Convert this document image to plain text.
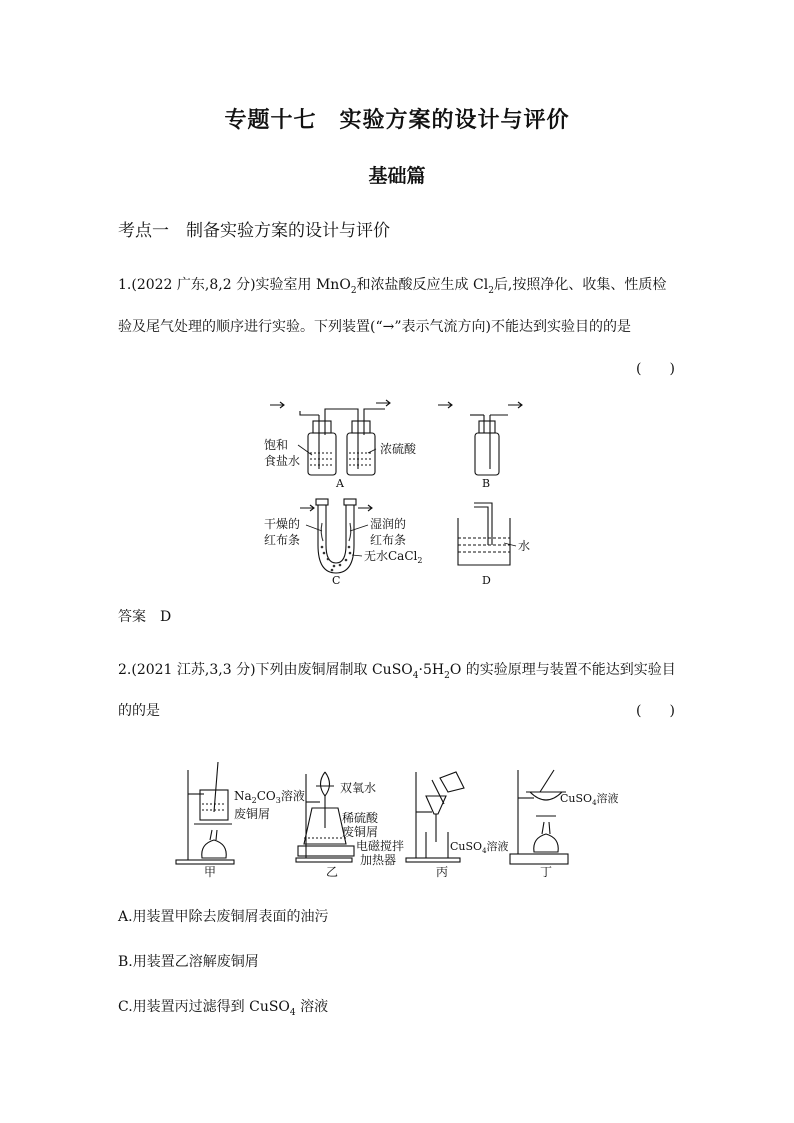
专题十七　实验方案的设计与评价
基础篇
考点一　制备实验方案的设计与评价
1.(2022 广东,8,2 分)实验室用 MnO$_2$和浓盐酸反应生成 $Cl_2$后,按照净化、收集、性质检
验及尾气处理的顺序进行实验。下列装置(“→”表示气流方向)不能达到实验目的的是
(　　)
饱和
食盐水
浓硫酸
A	B
干燥的
红布条
湿润的
红布条
无水CaCl$_2$
C
水
D
答案　D
2.(2021 江苏,3,3 分)下列由废铜屑制取 $CuSO_4\cdot 5H_2O$ 的实验原理与装置不能达到实验目
的的是	(　　)
$Na_2CO_3$溶液
废铜屑
甲
双氧水
稀硫酸
废铜屑
电磁搅拌
加热器
乙
CuSO$_4$溶液
丙
CuSO$_4$溶液
丁
A.用装置甲除去废铜屑表面的油污
B.用装置乙溶解废铜屑
C.用装置丙过滤得到 CuSO$_4$ 溶液
